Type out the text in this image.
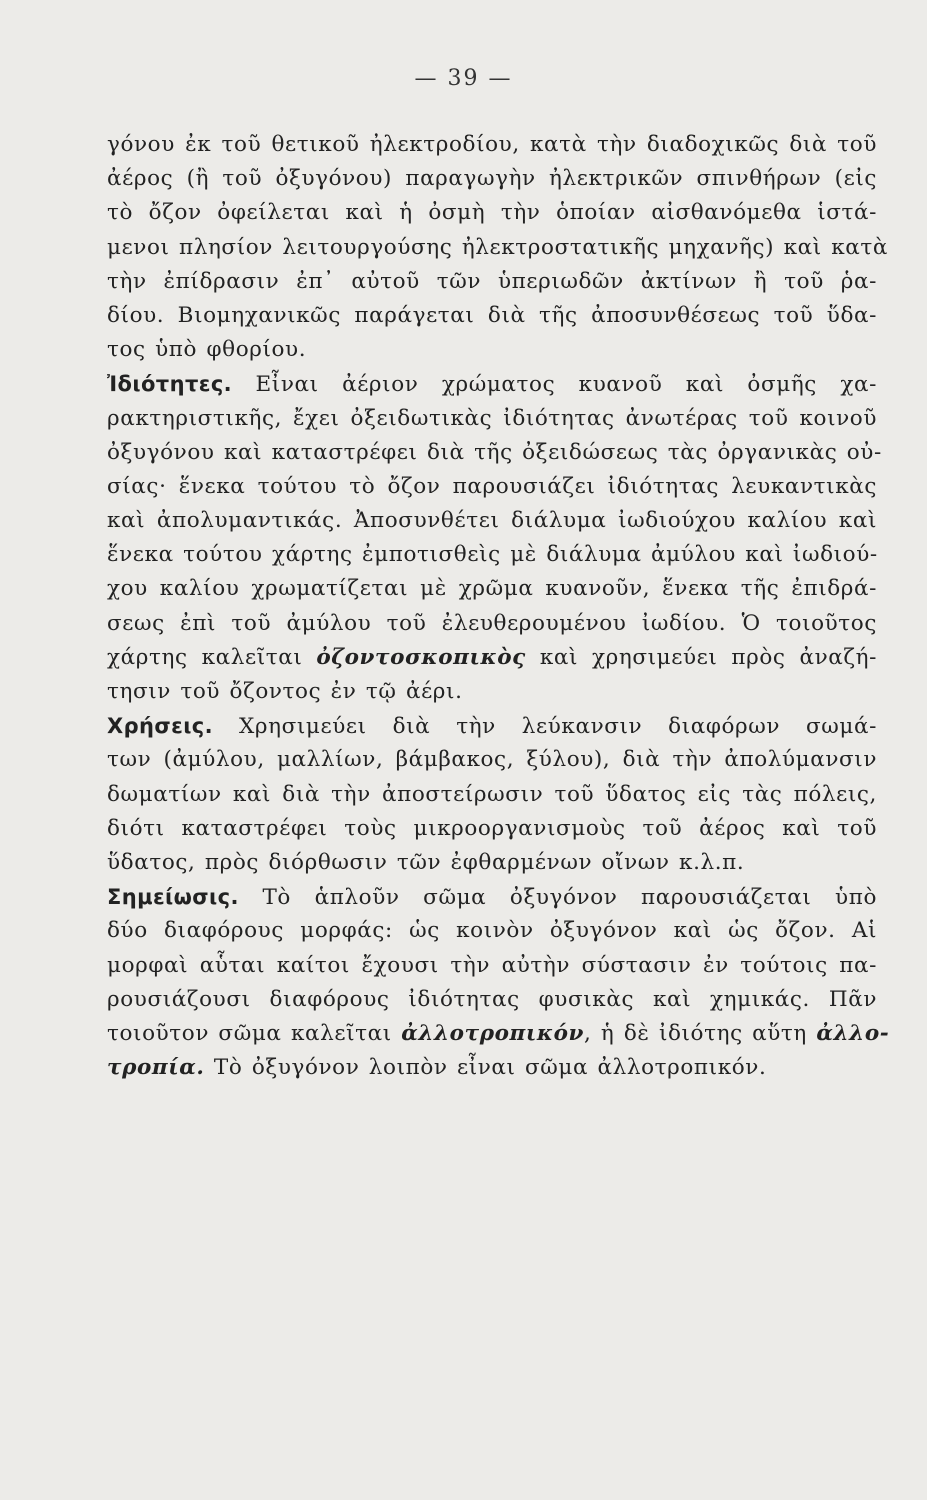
— 39 —
γόνου ἐκ τοῦ θετικοῦ ἠλεκτροδίου, κατὰ τὴν διαδοχικῶς διὰ τοῦ
ἀέρος (ἢ τοῦ ὀξυγόνου) παραγωγὴν ἠλεκτρικῶν σπινθήρων (εἰς
τὸ ὄζον ὀφείλεται καὶ ἡ ὀσμὴ τὴν ὁποίαν αἰσθανόμεθα ἱστά-
μενοι πλησίον λειτουργούσης ἠλεκτροστατικῆς μηχανῆς) καὶ κατὰ
τὴν ἐπίδρασιν ἐπ᾿ αὐτοῦ τῶν ὑπεριωδῶν ἀκτίνων ἢ τοῦ ῥα-
δίου. Βιομηχανικῶς παράγεται διὰ τῆς ἀποσυνθέσεως τοῦ ὕδα-
τος ὑπὸ φθορίου.
Ἰδιότητες. Εἶναι ἀέριον χρώματος κυανοῦ καὶ ὀσμῆς χα-
ρακτηριστικῆς, ἔχει ὀξειδωτικὰς ἰδιότητας ἀνωτέρας τοῦ κοινοῦ
ὀξυγόνου καὶ καταστρέφει διὰ τῆς ὀξειδώσεως τὰς ὀργανικὰς οὐ-
σίας· ἕνεκα τούτου τὸ ὄζον παρουσιάζει ἰδιότητας λευκαντικὰς
καὶ ἀπολυμαντικάς. Ἀποσυνθέτει διάλυμα ἰωδιούχου καλίου καὶ
ἕνεκα τούτου χάρτης ἐμποτισθεὶς μὲ διάλυμα ἀμύλου καὶ ἰωδιού-
χου καλίου χρωματίζεται μὲ χρῶμα κυανοῦν, ἕνεκα τῆς ἐπιδρά-
σεως ἐπὶ τοῦ ἀμύλου τοῦ ἐλευθερουμένου ἰωδίου. Ὁ τοιοῦτος
χάρτης καλεῖται ὀζοντοσκοπικὸς καὶ χρησιμεύει πρὸς ἀναζή-
τησιν τοῦ ὄζοντος ἐν τῷ ἀέρι.
Χρήσεις. Χρησιμεύει διὰ τὴν λεύκανσιν διαφόρων σωμά-
των (ἀμύλου, μαλλίων, βάμβακος, ξύλου), διὰ τὴν ἀπολύμανσιν
δωματίων καὶ διὰ τὴν ἀποστείρωσιν τοῦ ὕδατος εἰς τὰς πόλεις,
διότι καταστρέφει τοὺς μικροοργανισμοὺς τοῦ ἀέρος καὶ τοῦ
ὕδατος, πρὸς διόρθωσιν τῶν ἐφθαρμένων οἴνων κ.λ.π.
Σημείωσις. Τὸ ἁπλοῦν σῶμα ὀξυγόνον παρουσιάζεται ὑπὸ
δύο διαφόρους μορφάς: ὡς κοινὸν ὀξυγόνον καὶ ὡς ὄζον. Αἱ
μορφαὶ αὗται καίτοι ἔχουσι τὴν αὐτὴν σύστασιν ἐν τούτοις πα-
ρουσιάζουσι διαφόρους ἰδιότητας φυσικὰς καὶ χημικάς. Πᾶν
τοιοῦτον σῶμα καλεῖται ἀλλοτροπικόν, ἡ δὲ ἰδιότης αὕτη ἀλλο-
τροπία. Τὸ ὀξυγόνον λοιπὸν εἶναι σῶμα ἀλλοτροπικόν.
